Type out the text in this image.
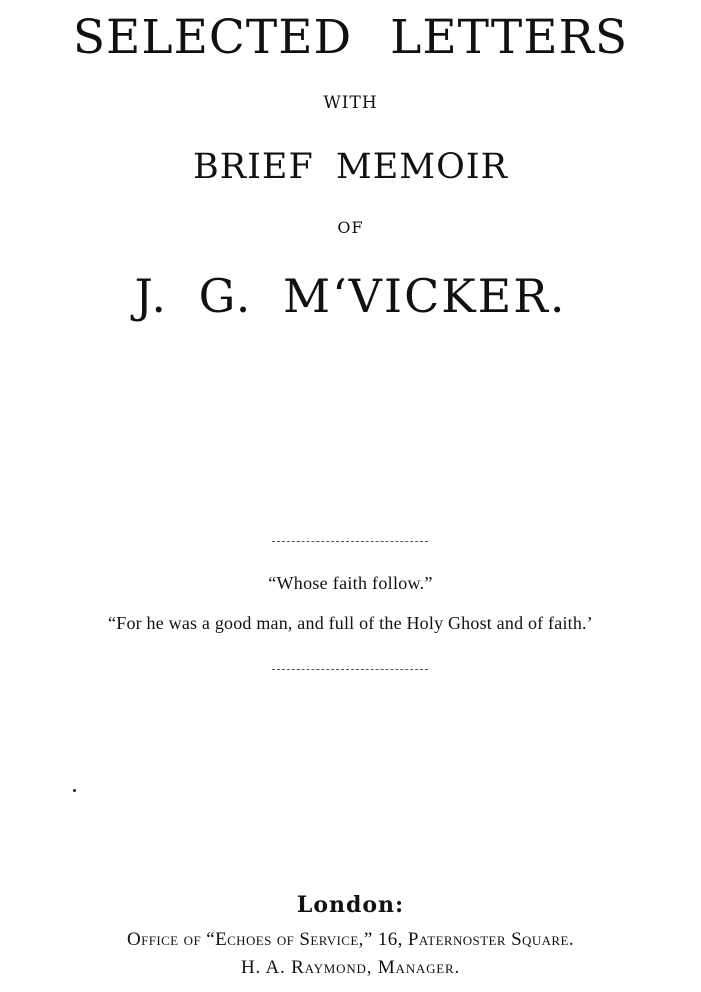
SELECTED LETTERS
WITH
BRIEF MEMOIR
OF
J. G. M‘VICKER.
“Whose faith follow.”
“For he was a good man, and full of the Holy Ghost and of faith.’
London:
Office of “Echoes of Service,” 16, Paternoster Square.
H. A. Raymond, Manager.
